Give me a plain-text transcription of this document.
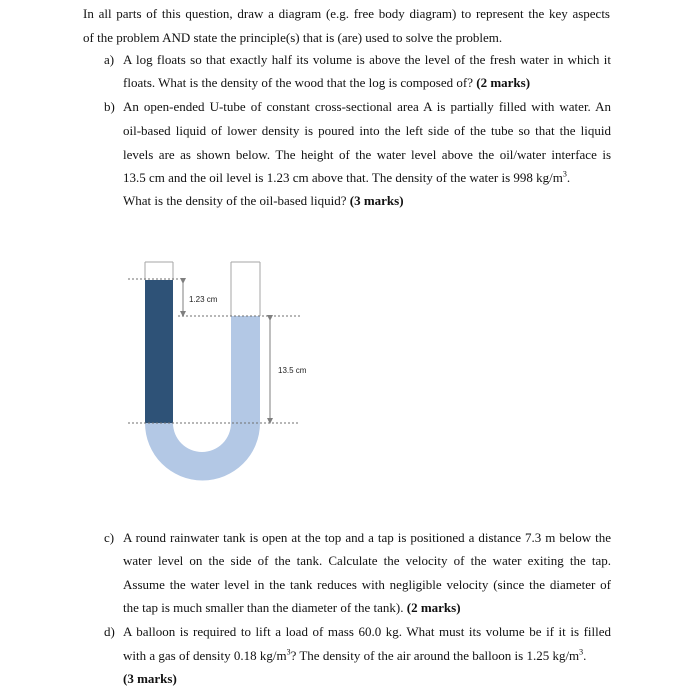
In all parts of this question, draw a diagram (e.g. free body diagram) to represent the key aspects
of the problem AND state the principle(s) that is (are) used to solve the problem.
a) A log floats so that exactly half its volume is above the level of the fresh water in which it
floats. What is the density of the wood that the log is composed of? (2 marks)
b) An open-ended U-tube of constant cross-sectional area A is partially filled with water. An
oil-based liquid of lower density is poured into the left side of the tube so that the liquid
levels are as shown below. The height of the water level above the oil/water interface is
13.5 cm and the oil level is 1.23 cm above that. The density of the water is 998 $kg/m^3$.
What is the density of the oil-based liquid? (3 marks)
1.23 cm
13.5 cm
c) A round rainwater tank is open at the top and a tap is positioned a distance 7.3 m below the
water level on the side of the tank. Calculate the velocity of the water exiting the tap.
Assume the water level in the tank reduces with negligible velocity (since the diameter of
the tap is much smaller than the diameter of the tank). (2 marks)
d) A balloon is required to lift a load of mass 60.0 kg. What must its volume be if it is filled
with a gas of density 0.18 $kg/m^3$? The density of the air around the balloon is 1.25 $kg/m^3$.
(3 marks)
